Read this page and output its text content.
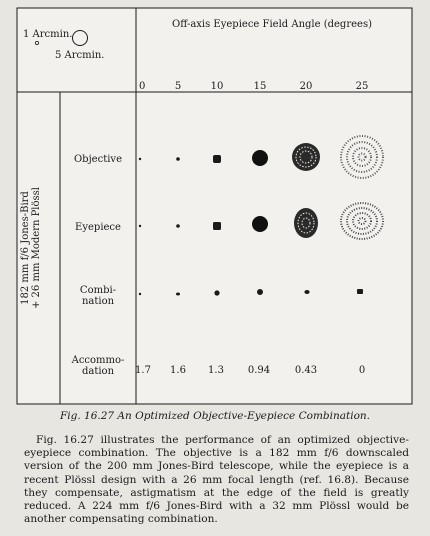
1 Arcmin.
5 Arcmin.
Off-axis Eyepiece Field Angle (degrees)
0	5	10	15	20	25
182 mm f/6 Jones-Bird + 26 mm Modern Plössl
Objective
Eyepiece
Combi-
nation
Accommo-
dation 1.7 1.6 1.3 0.94 0.43	0
Fig. 16.27 An Optimized Objective-Eyepiece Combination.
Fig. 16.27 illustrates the performance of an optimized objective-eyepiece combination. The objective is a 182 mm f/6 downscaled version of the 200 mm Jones-Bird telescope, while the eyepiece is a recent Plössl design with a 26 mm focal length (ref. 16.8). Because they compensate, astigmatism at the edge of the field is greatly reduced. A 224 mm f/6 Jones-Bird with a 32 mm Plössl would be another compensating combination.
